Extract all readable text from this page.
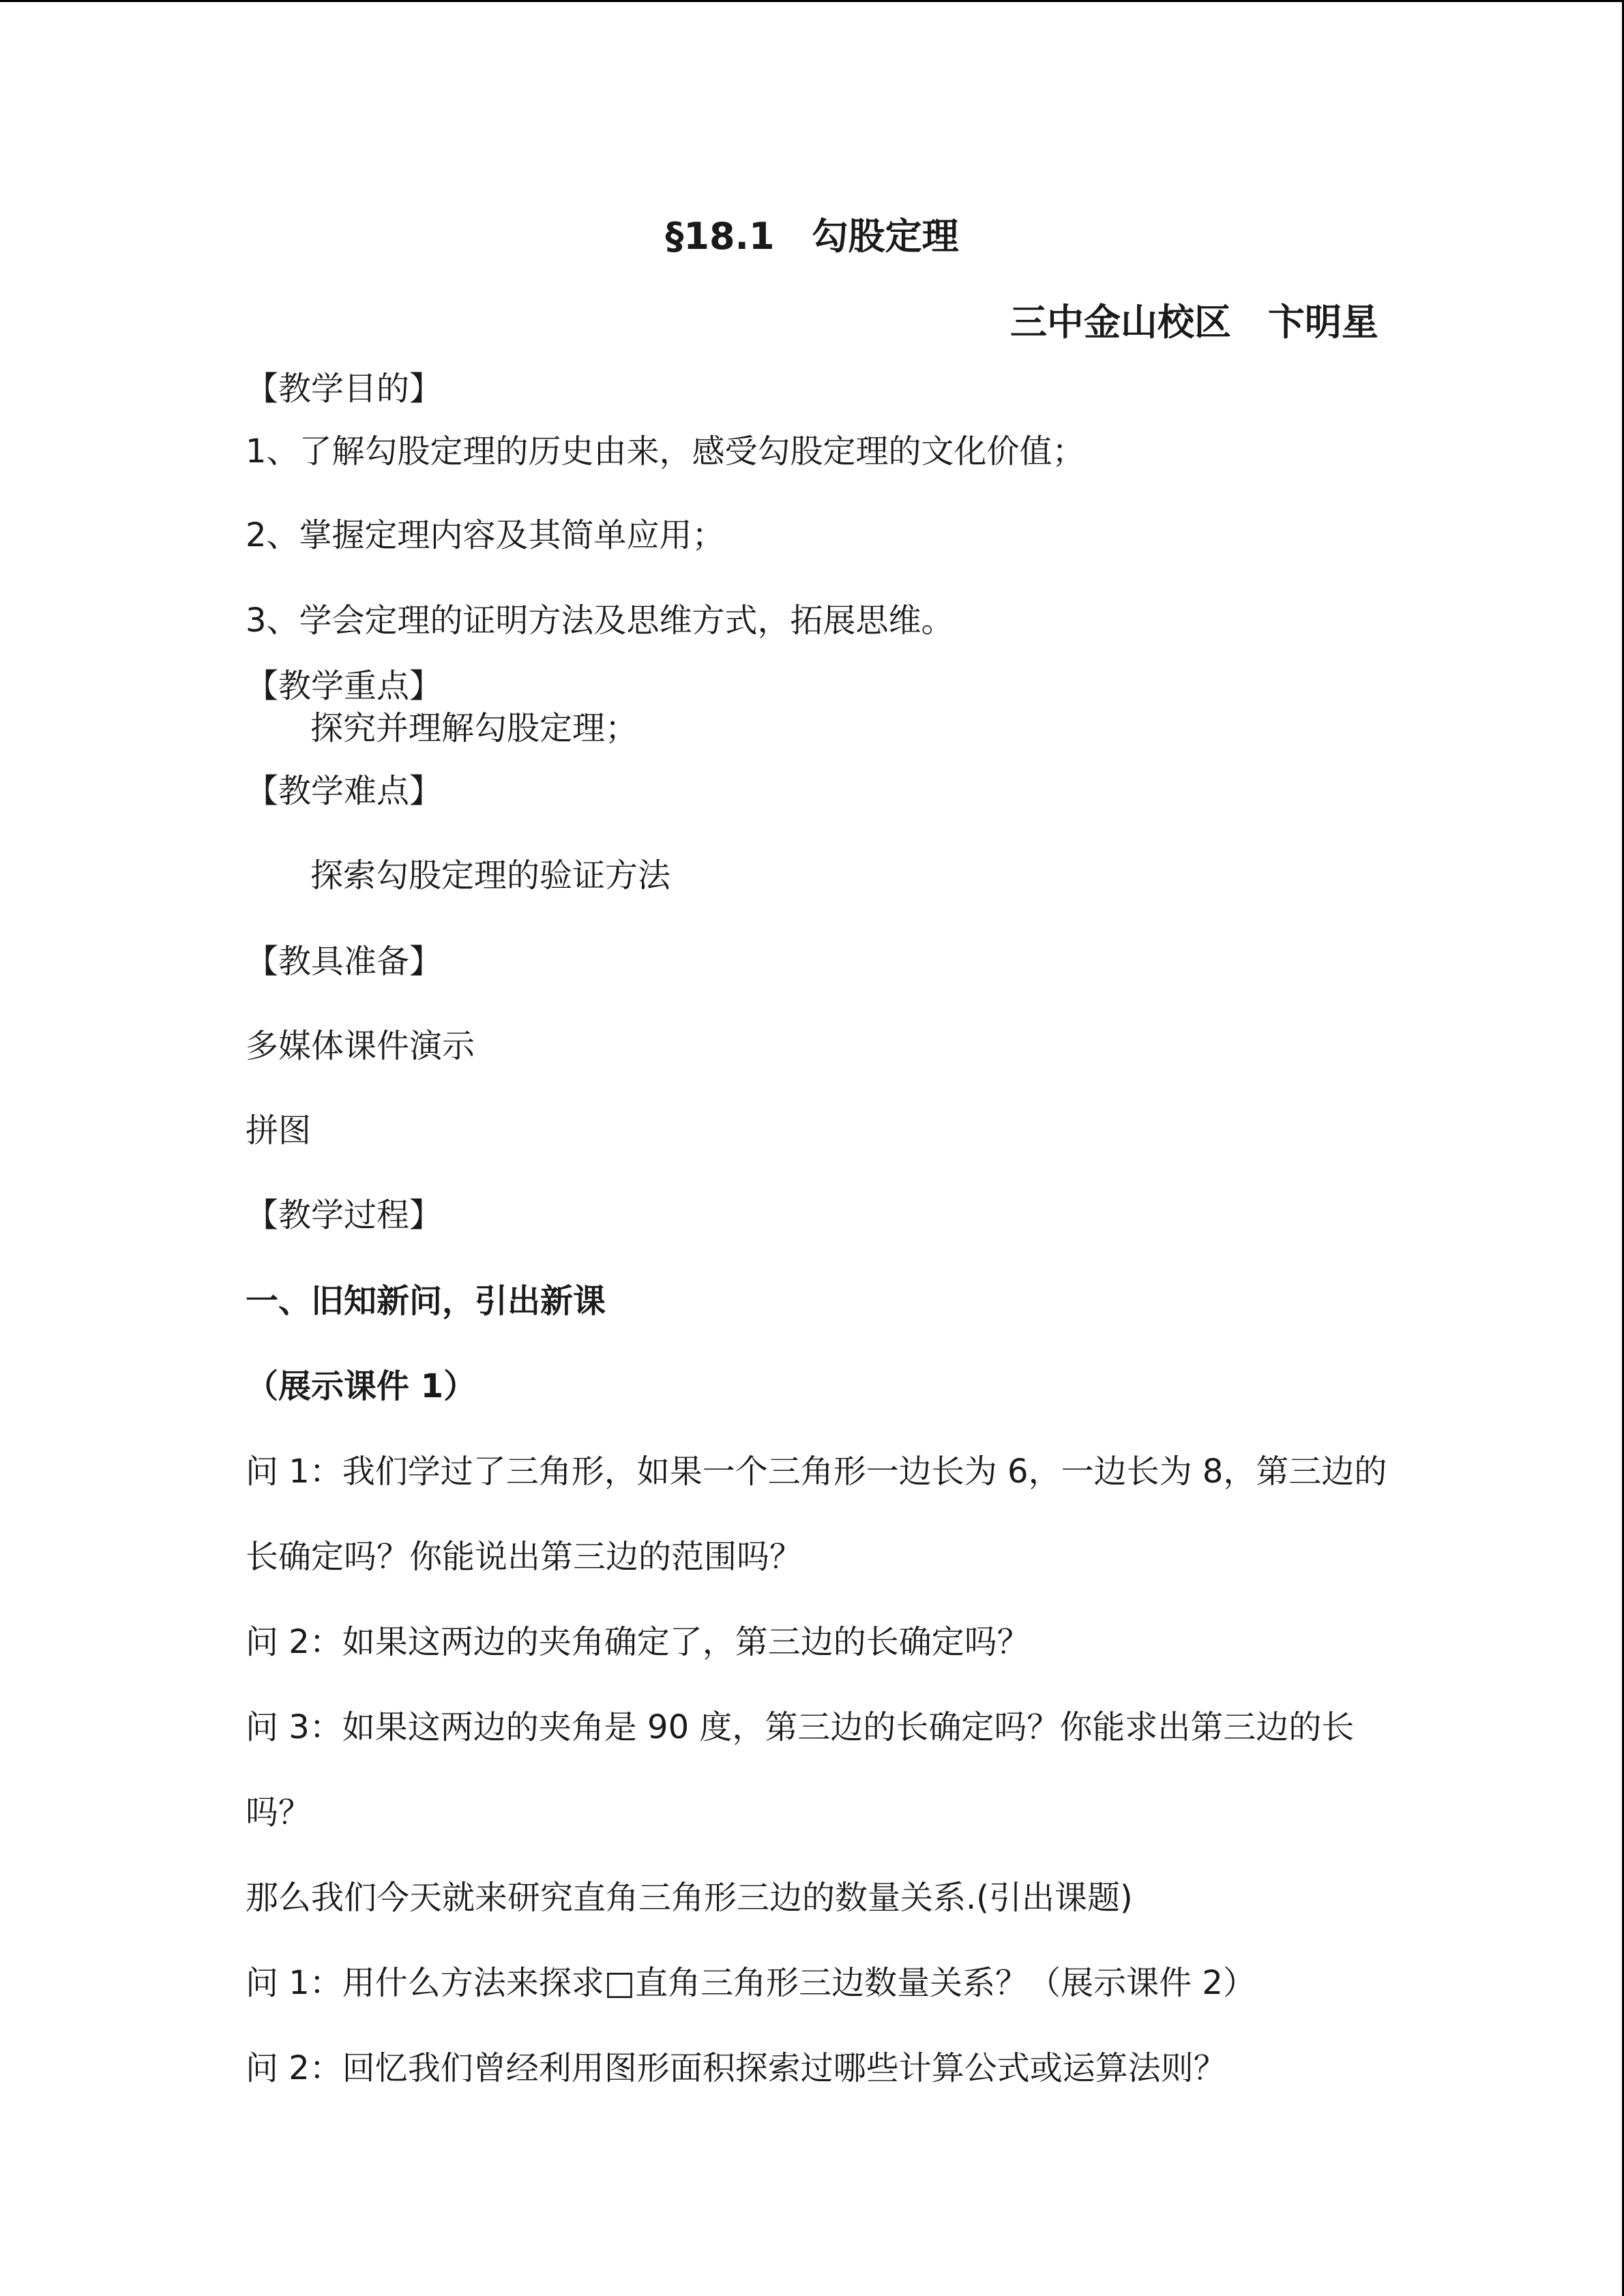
§18.1　勾股定理

三中金山校区　卞明星

【教学目的】

1、了解勾股定理的历史由来，感受勾股定理的文化价值；

2、掌握定理内容及其简单应用；

3、学会定理的证明方法及思维方式，拓展思维。

【教学重点】

探究并理解勾股定理；

【教学难点】

探索勾股定理的验证方法

【教具准备】

多媒体课件演示

拼图

【教学过程】

一、旧知新问，引出新课

（展示课件 1）

问 1：我们学过了三角形，如果一个三角形一边长为 6，一边长为 8，第三边的

长确定吗？你能说出第三边的范围吗？

问 2：如果这两边的夹角确定了，第三边的长确定吗？

问 3：如果这两边的夹角是 90 度，第三边的长确定吗？你能求出第三边的长

吗？

那么我们今天就来研究直角三角形三边的数量关系.(引出课题)

问 1：用什么方法来探求□直角三角形三边数量关系？（展示课件 2）

问 2：回忆我们曾经利用图形面积探索过哪些计算公式或运算法则？
